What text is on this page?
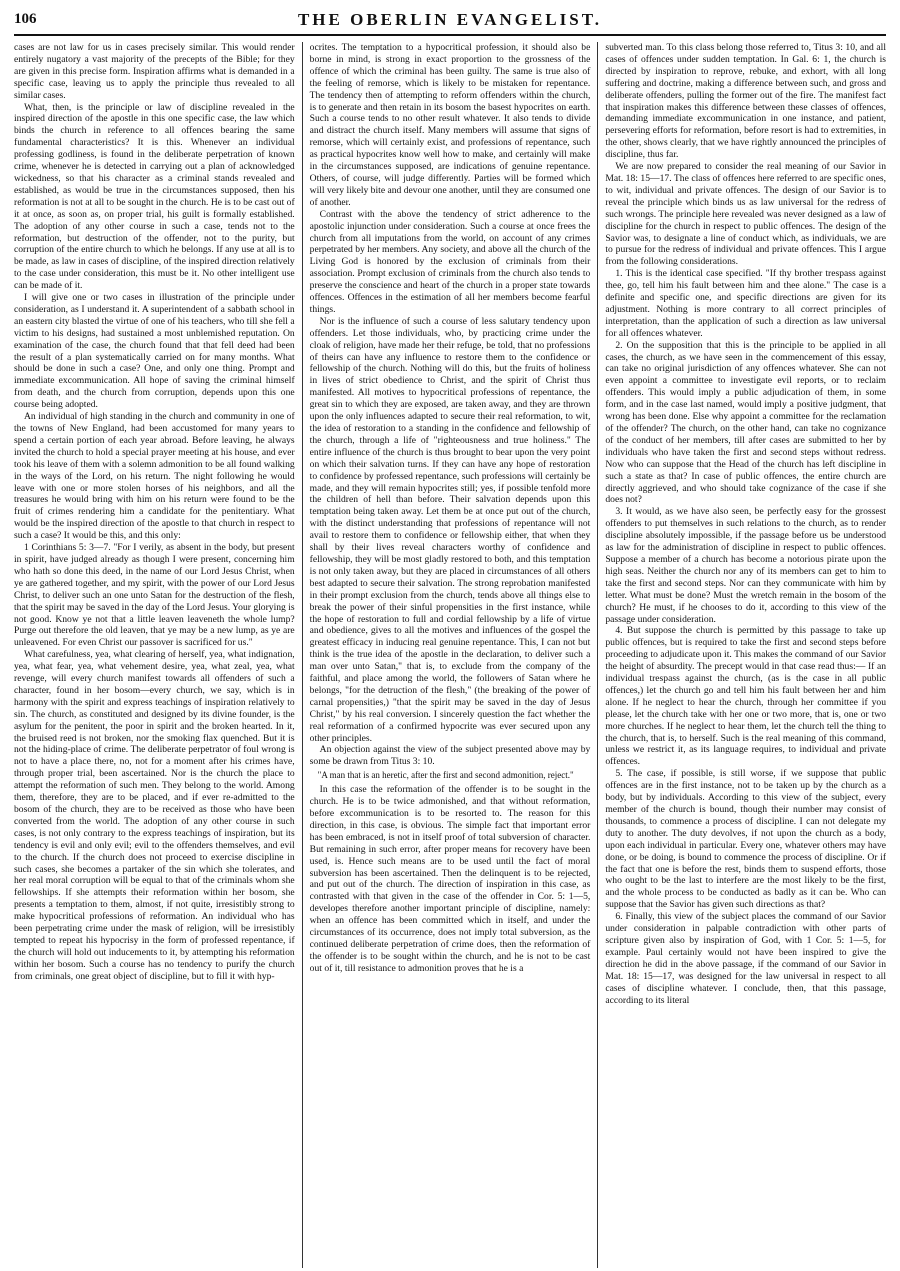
106	THE OBERLIN EVANGELIST.

cases are not law for us in cases precisely similar. This would render entirely nugatory a vast majority of the precepts of the Bible; for they are given in this precise form. Inspiration affirms what is demanded in a specific case, leaving us to apply the principle thus revealed to all similar cases.

What, then, is the principle or law of discipline revealed in the inspired direction of the apostle in this one specific case, the law which binds the church in reference to all offences bearing the same fundamental characteristics? It is this. Whenever an individual professing godliness, is found in the deliberate perpetration of known crime, whenever he is detected in carrying out a plan of acknowledged wickedness, so that his character as a criminal stands revealed and established, as would be true in the circumstances supposed, then his reformation is not at all to be sought in the church. He is to be cast out of it at once, as soon as, on proper trial, his guilt is formally established. The adoption of any other course in such a case, tends not to the reformation, but destruction of the offender, not to the purity, but corruption of the entire church to which he belongs. If any use at all is to be made, as law in cases of discipline, of the inspired direction relatively to the case under consideration, this must be it. No other intelligent use can be made of it.

I will give one or two cases in illustration of the principle under consideration, as I understand it. A superintendent of a sabbath school in an eastern city blasted the virtue of one of his teachers, who till she fell a victim to his designs, had sustained a most unblemished reputation. On examination of the case, the church found that that fell deed had been the result of a plan systematically carried on for many months. What should be done in such a case? One, and only one thing. Prompt and immediate excommunication. All hope of saving the criminal himself from death, and the church from corruption, depends upon this one course being adopted.

An individual of high standing in the church and community in one of the towns of New England, had been accustomed for many years to spend a certain portion of each year abroad. Before leaving, he always invited the church to hold a special prayer meeting at his house, and ever took his leave of them with a solemn admonition to be all found walking in the ways of the Lord, on his return. The night following he would leave with one or more stolen horses of his neighbors, and all the treasures he would bring with him on his return were found to be the fruit of crimes rendering him a candidate for the penitentiary. What would be the inspired direction of the apostle to that church in respect to such a case? It would be this, and this only:

1 Corinthians 5: 3—7. "For I verily, as absent in the body, but present in spirit, have judged already as though I were present, concerning him who hath so done this deed, in the name of our Lord Jesus Christ, when ye are gathered together, and my spirit, with the power of our Lord Jesus Christ, to deliver such an one unto Satan for the destruction of the flesh, that the spirit may be saved in the day of the Lord Jesus. Your glorying is not good. Know ye not that a little leaven leaveneth the whole lump? Purge out therefore the old leaven, that ye may be a new lump, as ye are unleavened. For even Christ our passover is sacrificed for us."

What carefulness, yea, what clearing of herself, yea, what indignation, yea, what fear, yea, what vehement desire, yea, what zeal, yea, what revenge, will every church manifest towards all offenders of such a character, found in her bosom—every church, we say, which is in harmony with the spirit and express teachings of inspiration relatively to sin. The church, as constituted and designed by its divine founder, is the asylum for the penitent, the poor in spirit and the broken hearted. In it, the bruised reed is not broken, nor the smoking flax quenched. But it is not the hiding-place of crime. The deliberate perpetrator of foul wrong is not to have a place there, no, not for a moment after his crimes have, through proper trial, been ascertained. Nor is the church the place to attempt the reformation of such men. They belong to the world. Among them, therefore, they are to be placed, and if ever re-admitted to the bosom of the church, they are to be received as those who have been converted from the world. The adoption of any other course in such cases, is not only contrary to the express teachings of inspiration, but its tendency is evil and only evil; evil to the offenders themselves, and evil to the church. If the church does not proceed to exercise discipline in such cases, she becomes a partaker of the sin which she tolerates, and her real moral corruption will be equal to that of the criminals whom she fellowships. If she attempts their reformation within her bosom, she presents a temptation to them, almost, if not quite, irresistibly strong to make hypocritical professions of reformation. An individual who has been perpetrating crime under the mask of religion, will be irresistibly tempted to repeat his hypocrisy in the form of professed repentance, if the church will hold out inducements to it, by attempting his reformation within her bosom. Such a course has no tendency to purify the church from criminals, one great object of discipline, but to fill it with hyp-

ocrites. The temptation to a hypocritical profession, it should also be borne in mind, is strong in exact proportion to the grossness of the offence of which the criminal has been guilty. The same is true also of the feeling of remorse, which is likely to be mistaken for repentance. The tendency then of attempting to reform offenders within the church, is to generate and then retain in its bosom the basest hypocrites on earth. Such a course tends to no other result whatever. It also tends to divide and distract the church itself. Many members will assume that signs of remorse, which will certainly exist, and professions of repentance, such as practical hypocrites know well how to make, and certainly will make in the circumstances supposed, are indications of genuine repentance. Others, of course, will judge differently. Parties will be formed which will very likely bite and devour one another, until they are consumed one of another.

Contrast with the above the tendency of strict adherence to the apostolic injunction under consideration. Such a course at once frees the church from all imputations from the world, on account of any crimes perpetrated by her members. Any society, and above all the church of the Living God is honored by the exclusion of criminals from their association. Prompt exclusion of criminals from the church also tends to preserve the conscience and heart of the church in a proper state towards offences. Offences in the estimation of all her members become fearful things.

Nor is the influence of such a course of less salutary tendency upon offenders. Let those individuals, who, by practicing crime under the cloak of religion, have made her their refuge, be told, that no professions of theirs can have any influence to restore them to the confidence or fellowship of the church. Nothing will do this, but the fruits of holiness in lives of strict obedience to Christ, and the spirit of Christ thus manifested. All motives to hypocritical professions of repentance, the great sin to which they are exposed, are taken away, and they are thrown upon the only influences adapted to secure their real reformation, to wit, the idea of restoration to a standing in the confidence and fellowship of the church, through a life of "righteousness and true holiness." The entire influence of the church is thus brought to bear upon the very point on which their salvation turns. If they can have any hope of restoration to confidence by professed repentance, such professions will certainly be made, and they will remain hypocrites still; yes, if possible tenfold more the children of hell than before. Their salvation depends upon this temptation being taken away. Let them be at once put out of the church, with the distinct understanding that professions of repentance will not avail to restore them to confidence or fellowship either, that when they shall by their lives reveal characters worthy of confidence and fellowship, they will be most gladly restored to both, and this temptation is not only taken away, but they are placed in circumstances of all others best adapted to secure their salvation. The strong reprobation manifested in their prompt exclusion from the church, tends above all things else to break the power of their sinful propensities in the first instance, while the hope of restoration to full and cordial fellowship by a life of virtue and obedience, gives to all the motives and influences of the gospel the greatest efficacy in inducing real genuine repentance. This, I can not but think is the true idea of the apostle in the declaration, to deliver such a man over unto Satan," that is, to exclude from the company of the faithful, and place among the world, the followers of Satan where he belongs, "for the detruction of the flesh," (the breaking of the power of carnal propensities,) "that the spirit may be saved in the day of Jesus Christ," by his real conversion. I sincerely question the fact whether the real reformation of a confirmed hypocrite was ever secured upon any other principles.

An objection against the view of the subject presented above may by some be drawn from Titus 3: 10.

"A man that is an heretic, after the first and second admonition, reject."

In this case the reformation of the offender is to be sought in the church. He is to be twice admonished, and that without reformation, before excommunication is to be resorted to. The reason for this direction, in this case, is obvious. The simple fact that important error has been embraced, is not in itself proof of total subversion of character. But remaining in such error, after proper means for recovery have been used, is. Hence such means are to be used until the fact of moral subversion has been ascertained. Then the delinquent is to be rejected, and put out of the church. The direction of inspiration in this case, as contrasted with that given in the case of the offender in Cor. 5: 1—5, developes therefore another important principle of discipline, namely: when an offence has been committed which in itself, and under the circumstances of its occurrence, does not imply total subversion, as the continued deliberate perpetration of crime does, then the reformation of the offender is to be sought within the church, and he is not to be cast out of it, till resistance to admonition proves that he is a

subverted man. To this class belong those referred to, Titus 3: 10, and all cases of offences under sudden temptation. In Gal. 6: 1, the church is directed by inspiration to reprove, rebuke, and exhort, with all long suffering and doctrine, making a difference between such, and gross and deliberate offenders, pulling the former out of the fire. The manifest fact that inspiration makes this difference between these classes of offences, demanding immediate excommunication in one instance, and patient, persevering efforts for reformation, before resort is had to extremities, in the other, shows clearly, that we have rightly announced the principles of discipline, thus far.

We are now prepared to consider the real meaning of our Savior in Mat. 18: 15—17. The class of offences here referred to are specific ones, to wit, individual and private offences. The design of our Savior is to reveal the principle which binds us as law universal for the redress of such wrongs. The principle here revealed was never designed as a law of discipline for the church in respect to public offences. The design of the Savior was, to designate a line of conduct which, as individuals, we are to pursue for the redress of individual and private offences. This I argue from the following considerations.

1. This is the identical case specified. "If thy brother trespass against thee, go, tell him his fault between him and thee alone." The case is a definite and specific one, and specific directions are given for its adjustment. Nothing is more contrary to all correct principles of interpretation, than the application of such a direction as law universal for all offences whatever.

2. On the supposition that this is the principle to be applied in all cases, the church, as we have seen in the commencement of this essay, can take no original jurisdiction of any offences whatever. She can not even appoint a committee to investigate evil reports, or to reclaim offenders. This would imply a public adjudication of them, in some form, and in the case last named, would imply a positive judgment, that wrong has been done. Else why appoint a committee for the reclamation of the offender? The church, on the other hand, can take no cognizance of the conduct of her members, till after cases are submitted to her by individuals who have taken the first and second steps without redress. Now who can suppose that the Head of the church has left discipline in such a state as that? In case of public offences, the entire church are directly aggrieved, and who should take cognizance of the case if she does not?

3. It would, as we have also seen, be perfectly easy for the grossest offenders to put themselves in such relations to the church, as to render discipline absolutely impossible, if the passage before us be understood as law for the administration of discipline in respect to public offences. Suppose a member of a church has become a notorious pirate upon the high seas. Neither the church nor any of its members can get to him to take the first and second steps. Nor can they communicate with him by letter. What must be done? Must the wretch remain in the bosom of the church? He must, if he chooses to do it, according to this view of the passage under consideration.

4. But suppose the church is permitted by this passage to take up public offences, but is required to take the first and second steps before proceeding to adjudicate upon it. This makes the command of our Savior the height of absurdity. The precept would in that case read thus:— If an individual trespass against the church, (as is the case in all public offences,) let the church go and tell him his fault between her and him alone. If he neglect to hear the church, through her committee if you please, let the church take with her one or two more, that is, one or two more churches. If he neglect to hear them, let the church tell the thing to the church, that is, to herself. Such is the real meaning of this command, unless we restrict it, as its language requires, to individual and private offences.

5. The case, if possible, is still worse, if we suppose that public offences are in the first instance, not to be taken up by the church as a body, but by individuals. According to this view of the subject, every member of the church is bound, though their number may consist of thousands, to commence a process of discipline. I can not delegate my duty to another. The duty devolves, if not upon the church as a body, upon each individual in particular. Every one, whatever others may have done, or be doing, is bound to commence the process of discipline. Or if the fact that one is before the rest, binds them to suspend efforts, those who ought to be the last to interfere are the most likely to be the first, and the whole process to be conducted as badly as it can be. Who can suppose that the Savior has given such directions as that?

6. Finally, this view of the subject places the command of our Savior under consideration in palpable contradiction with other parts of scripture given also by inspiration of God, with 1 Cor. 5: 1—5, for example. Paul certainly would not have been inspired to give the direction he did in the above passage, if the command of our Savior in Mat. 18: 15—17, was designed for the law universal in respect to all cases of discipline whatever. I conclude, then, that this passage, according to its literal
